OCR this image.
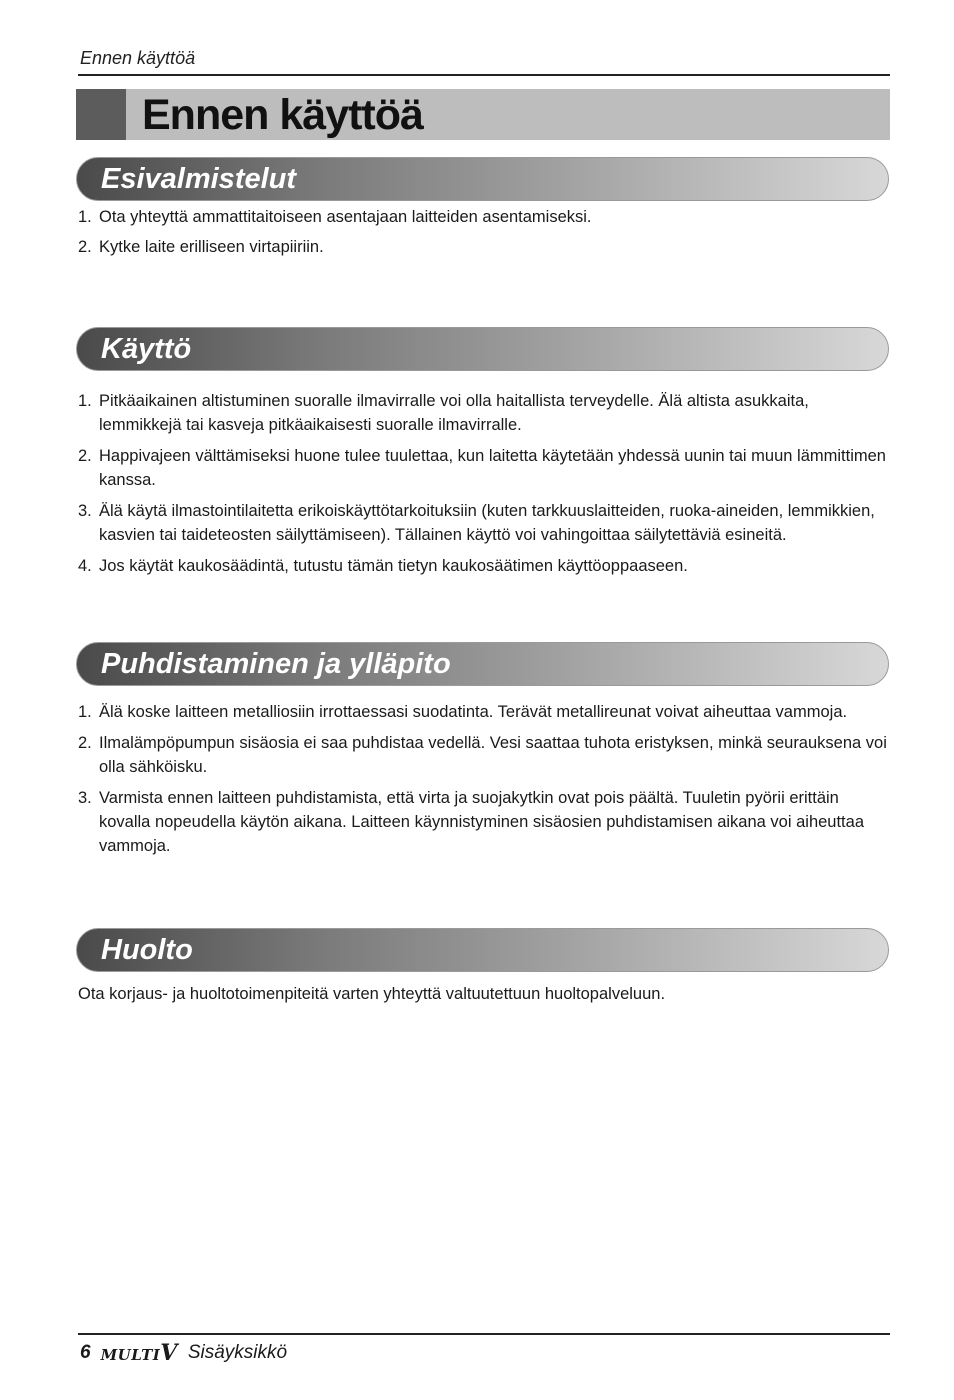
Ennen käyttöä
Ennen käyttöä
Esivalmistelut
1. Ota yhteyttä ammattitaitoiseen asentajaan laitteiden asentamiseksi.
2. Kytke laite erilliseen virtapiiriin.
Käyttö
1. Pitkäaikainen altistuminen suoralle ilmavirralle voi olla haitallista terveydelle. Älä altista asukkaita, lemmikkejä tai kasveja pitkäaikaisesti suoralle ilmavirralle.
2. Happivajeen välttämiseksi huone tulee tuulettaa, kun laitetta käytetään yhdessä uunin tai muun lämmittimen kanssa.
3. Älä käytä ilmastointilaitetta erikoiskäyttötarkoituksiin (kuten tarkkuuslaitteiden, ruoka-aineiden, lemmikkien, kasvien tai taideteosten säilyttämiseen). Tällainen käyttö voi vahingoittaa säilytettäviä esineitä.
4. Jos käytät kaukosäädintä, tutustu tämän tietyn kaukosäätimen käyttöoppaaseen.
Puhdistaminen ja ylläpito
1. Älä koske laitteen metalliosiin irrottaessasi suodatinta. Terävät metallireunat voivat aiheuttaa vammoja.
2. Ilmalämpöpumpun sisäosia ei saa puhdistaa vedellä. Vesi saattaa tuhota eristyksen, minkä seurauksena voi olla sähköisku.
3. Varmista ennen laitteen puhdistamista, että virta ja suojakytkin ovat pois päältä. Tuuletin pyörii erittäin kovalla nopeudella käytön aikana. Laitteen käynnistyminen sisäosien puhdistamisen aikana voi aiheuttaa vammoja.
Huolto

Ota korjaus- ja huoltotoimenpiteitä varten yhteyttä valtuutettuun huoltopalveluun.

6 MULTIV Sisäyksikkö
